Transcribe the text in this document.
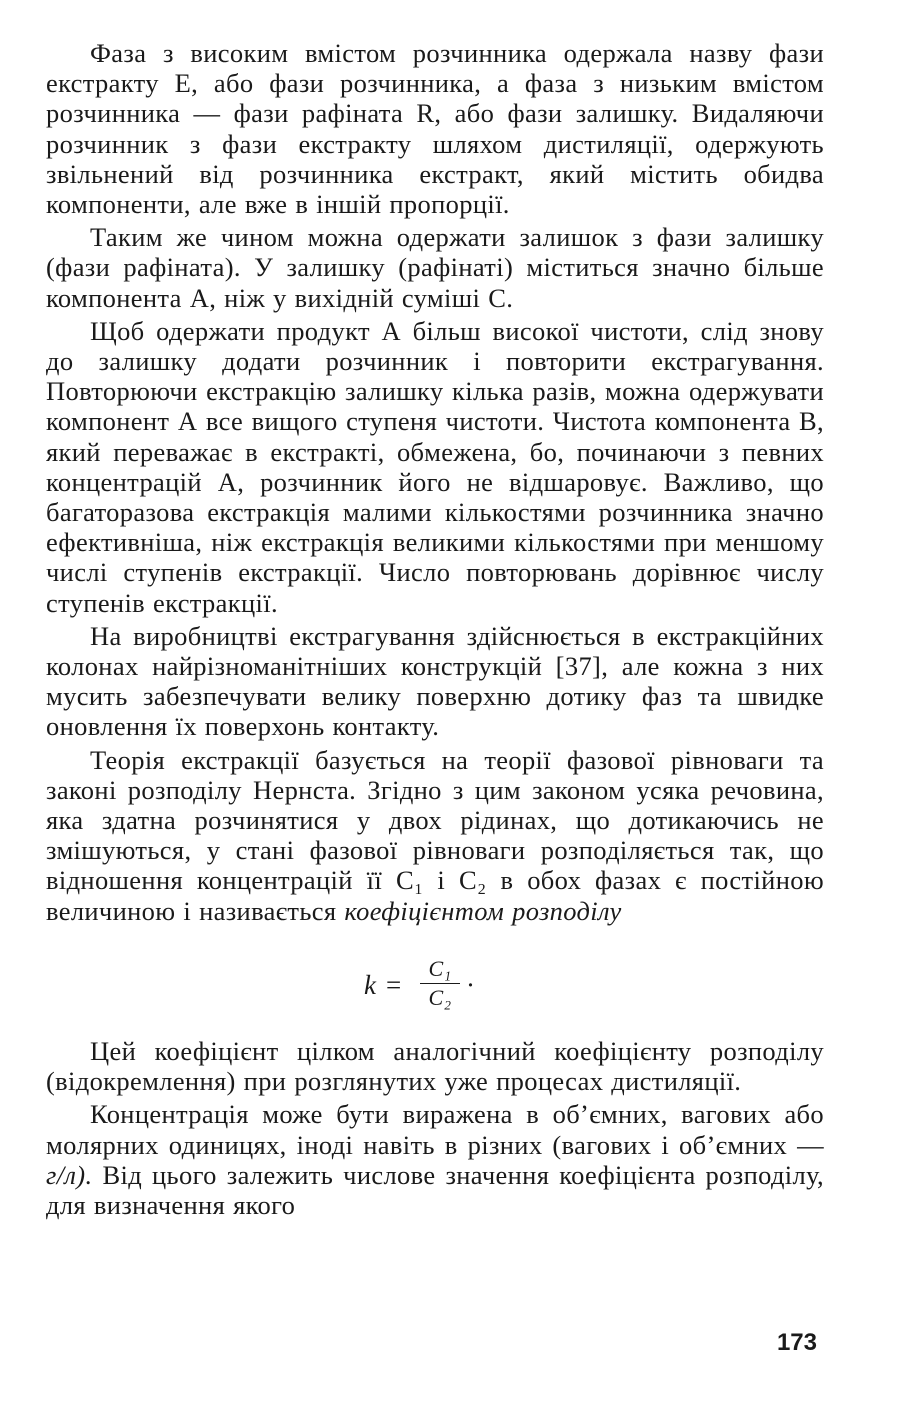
Фаза з високим вмістом розчинника одержала назву фази екстракту Е, або фази розчинника, а фаза з низьким вмістом розчинника — фази рафіната R, або фази залишку. Видаляючи розчинник з фази екстракту шляхом дистиляції, одержують звільнений від розчинника екстракт, який містить обидва компоненти, але вже в іншій пропорції.

Таким же чином можна одержати залишок з фази залишку (фази рафіната). У залишку (рафінаті) міститься значно більше компонента А, ніж у вихідній суміші С.

Щоб одержати продукт А більш високої чистоти, слід знову до залишку додати розчинник і повторити екстрагування. Повторюючи екстракцію залишку кілька разів, можна одержувати компонент А все вищого ступеня чистоти. Чистота компонента В, який переважає в екстракті, обмежена, бо, починаючи з певних концентрацій А, розчинник його не відшаровує. Важливо, що багаторазова екстракція малими кількостями розчинника значно ефективніша, ніж екстракція великими кількостями при меншому числі ступенів екстракції. Число повторювань дорівнює числу ступенів екстракції.

На виробництві екстрагування здійснюється в екстракційних колонах найрізноманітніших конструкцій [37], але кожна з них мусить забезпечувати велику поверхню дотику фаз та швидке оновлення їх поверхонь контакту.

Теорія екстракції базується на теорії фазової рівноваги та законі розподілу Нернста. Згідно з цим законом усяка речовина, яка здатна розчинятися у двох рідинах, що дотикаючись не змішуються, у стані фазової рівноваги розподіляється так, що відношення концентрацій її C₁ і C₂ в обох фазах є постійною величиною і називається коефіцієнтом розподілу

k =
C₁
C₂ ·

Цей коефіцієнт цілком аналогічний коефіцієнту розподілу (відокремлення) при розглянутих уже процесах дистиляції.

Концентрація може бути виражена в об’ємних, вагових або молярних одиницях, іноді навіть в різних (вагових і об’ємних — г/л). Від цього залежить числове значення коефіцієнта розподілу, для визначення якого

173
